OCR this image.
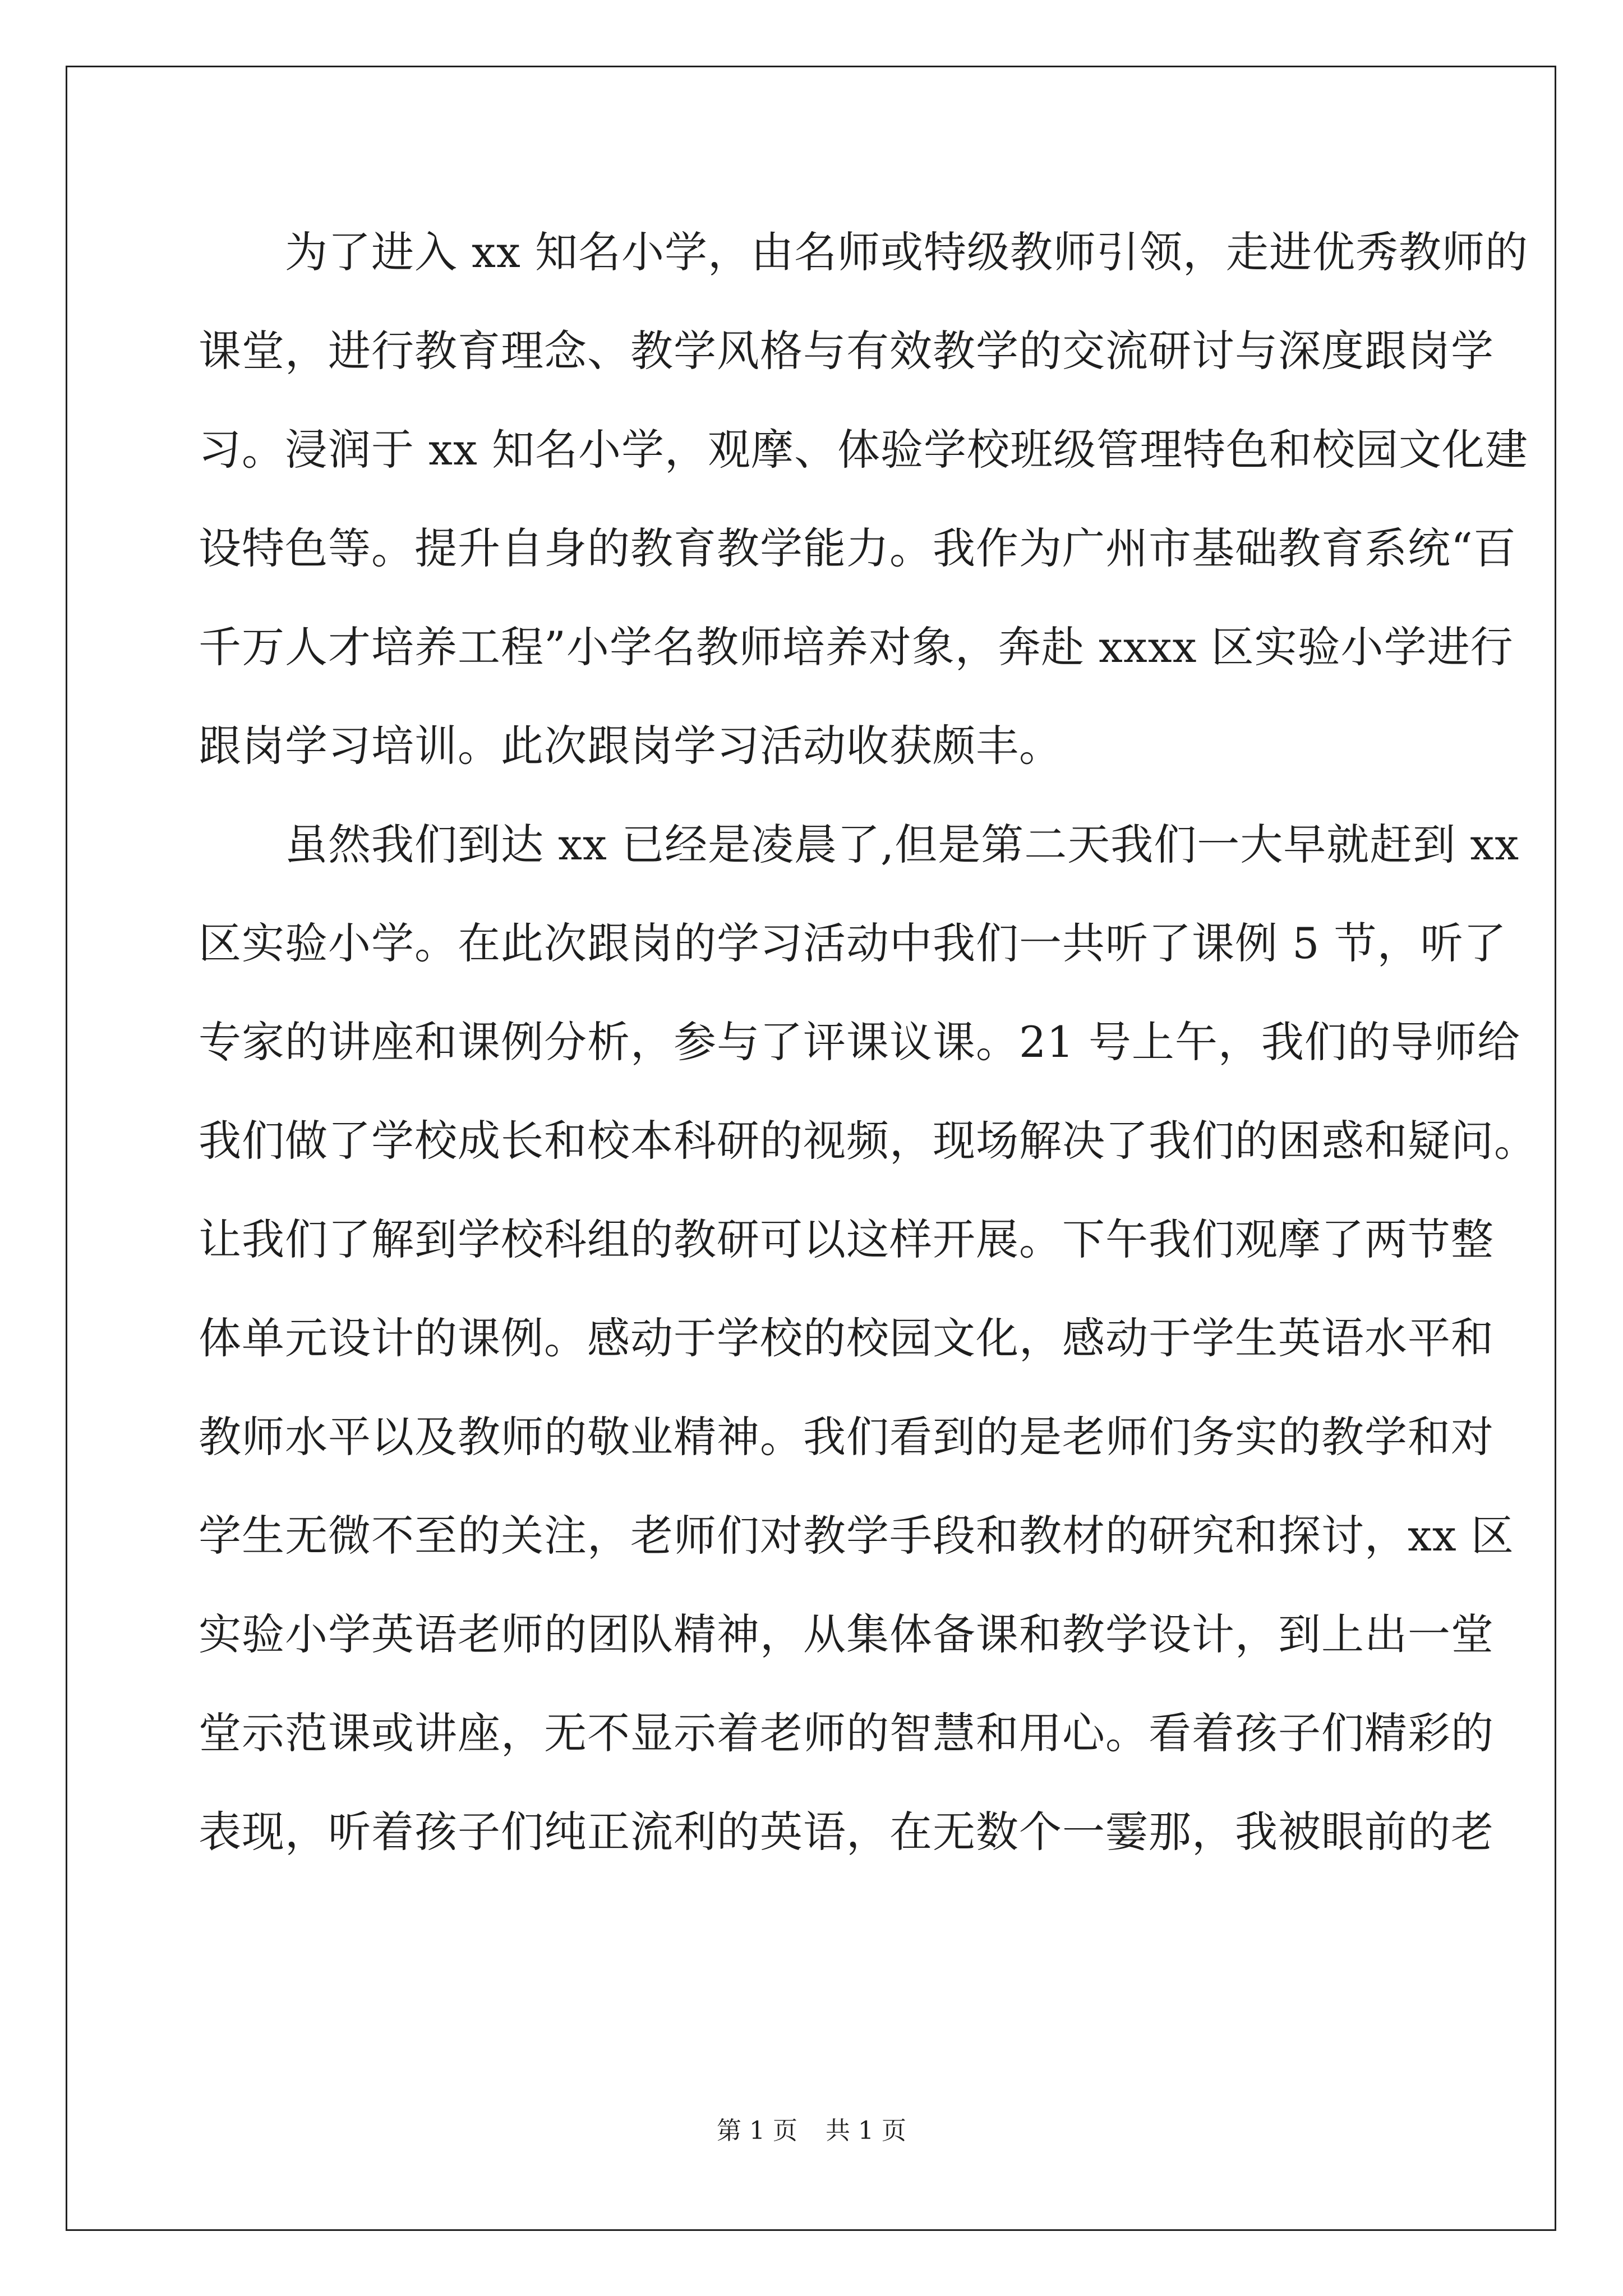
　　为了进入 xx 知名小学，由名师或特级教师引领，走进优秀教师的
课堂，进行教育理念、教学风格与有效教学的交流研讨与深度跟岗学
习。浸润于 xx 知名小学，观摩、体验学校班级管理特色和校园文化建
设特色等。提升自身的教育教学能力。我作为广州市基础教育系统“百
千万人才培养工程”小学名教师培养对象，奔赴 xxxx 区实验小学进行
跟岗学习培训。此次跟岗学习活动收获颇丰。
　　虽然我们到达 xx 已经是凌晨了,但是第二天我们一大早就赶到 xx
区实验小学。在此次跟岗的学习活动中我们一共听了课例 5 节，听了
专家的讲座和课例分析，参与了评课议课。21 号上午，我们的导师给
我们做了学校成长和校本科研的视频，现场解决了我们的困惑和疑问。
让我们了解到学校科组的教研可以这样开展。下午我们观摩了两节整
体单元设计的课例。感动于学校的校园文化，感动于学生英语水平和
教师水平以及教师的敬业精神。我们看到的是老师们务实的教学和对
学生无微不至的关注，老师们对教学手段和教材的研究和探讨，xx 区
实验小学英语老师的团队精神，从集体备课和教学设计，到上出一堂
堂示范课或讲座，无不显示着老师的智慧和用心。看着孩子们精彩的
表现，听着孩子们纯正流利的英语，在无数个一霎那，我被眼前的老
第 1 页 共 1 页
